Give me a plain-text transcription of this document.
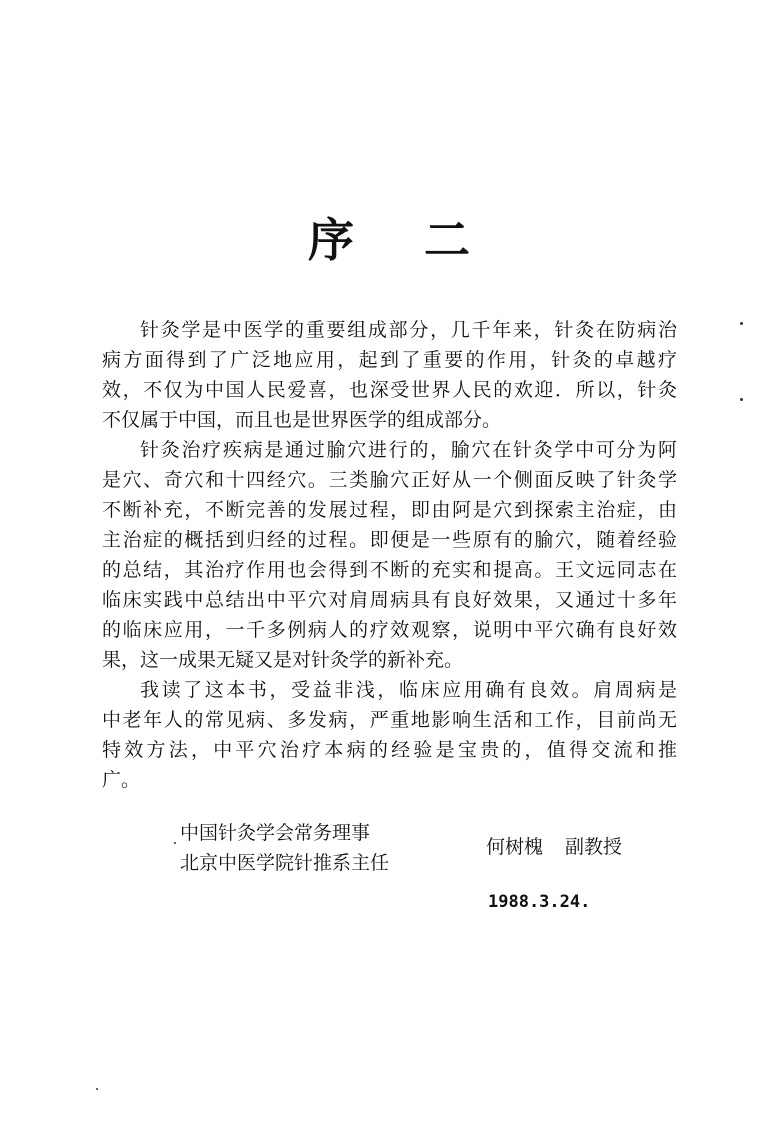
序 二

针灸学是中医学的重要组成部分，几千年来，针灸在防病治

病方面得到了广泛地应用，起到了重要的作用，针灸的卓越疗

效，不仅为中国人民爱喜，也深受世界人民的欢迎．所以，针灸

不仅属于中国，而且也是世界医学的组成部分。

针灸治疗疾病是通过腧穴进行的，腧穴在针灸学中可分为阿

是穴、奇穴和十四经穴。三类腧穴正好从一个侧面反映了针灸学

不断补充，不断完善的发展过程，即由阿是穴到探索主治症，由

主治症的概括到归经的过程。即便是一些原有的腧穴，随着经验

的总结，其治疗作用也会得到不断的充实和提高。王文远同志在

临床实践中总结出中平穴对肩周病具有良好效果，又通过十多年

的临床应用，一千多例病人的疗效观察，说明中平穴确有良好效

果，这一成果无疑又是对针灸学的新补充。

我读了这本书，受益非浅，临床应用确有良效。肩周病是

中老年人的常见病、多发病，严重地影响生活和工作，目前尚无

特效方法，中平穴治疗本病的经验是宝贵的，值得交流和推

广。

中国针灸学会常务理事
北京中医学院针推系主任
何树槐 副教授
1988.3.24.
